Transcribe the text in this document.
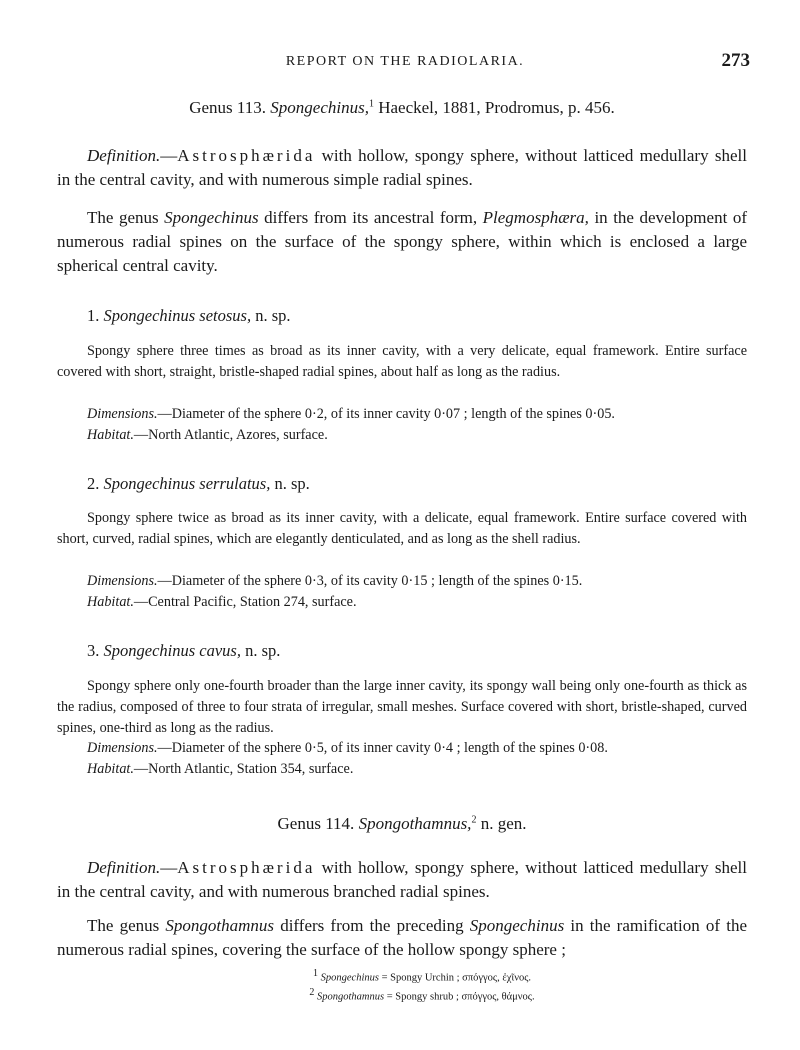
REPORT ON THE RADIOLARIA.	273
Genus 113. Spongechinus,$^1$ Haeckel, 1881, Prodromus, p. 456.
Definition.—Astrosphærida with hollow, spongy sphere, without latticed medullary shell in the central cavity, and with numerous simple radial spines.
The genus Spongechinus differs from its ancestral form, Plegmosphæra, in the development of numerous radial spines on the surface of the spongy sphere, within which is enclosed a large spherical central cavity.
1. Spongechinus setosus, n. sp.
Spongy sphere three times as broad as its inner cavity, with a very delicate, equal framework. Entire surface covered with short, straight, bristle-shaped radial spines, about half as long as the radius.
Dimensions.—Diameter of the sphere 0·2, of its inner cavity 0·07 ; length of the spines 0·05.
Habitat.—North Atlantic, Azores, surface.
2. Spongechinus serrulatus, n. sp.
Spongy sphere twice as broad as its inner cavity, with a delicate, equal framework. Entire surface covered with short, curved, radial spines, which are elegantly denticulated, and as long as the shell radius.
Dimensions.—Diameter of the sphere 0·3, of its cavity 0·15 ; length of the spines 0·15.
Habitat.—Central Pacific, Station 274, surface.
3. Spongechinus cavus, n. sp.
Spongy sphere only one-fourth broader than the large inner cavity, its spongy wall being only one-fourth as thick as the radius, composed of three to four strata of irregular, small meshes. Surface covered with short, bristle-shaped, curved spines, one-third as long as the radius.
Dimensions.—Diameter of the sphere 0·5, of its inner cavity 0·4 ; length of the spines 0·08.
Habitat.—North Atlantic, Station 354, surface.
Genus 114. Spongothamnus,$^2$ n. gen.
Definition.—Astrosphærida with hollow, spongy sphere, without latticed medullary shell in the central cavity, and with numerous branched radial spines.
The genus Spongothamnus differs from the preceding Spongechinus in the ramification of the numerous radial spines, covering the surface of the hollow spongy sphere ;
$^1$ Spongechinus = Spongy Urchin ; σπόγγος, ἐχῖνος.
$^2$ Spongothamnus = Spongy shrub ; σπόγγος, θάμνος.
